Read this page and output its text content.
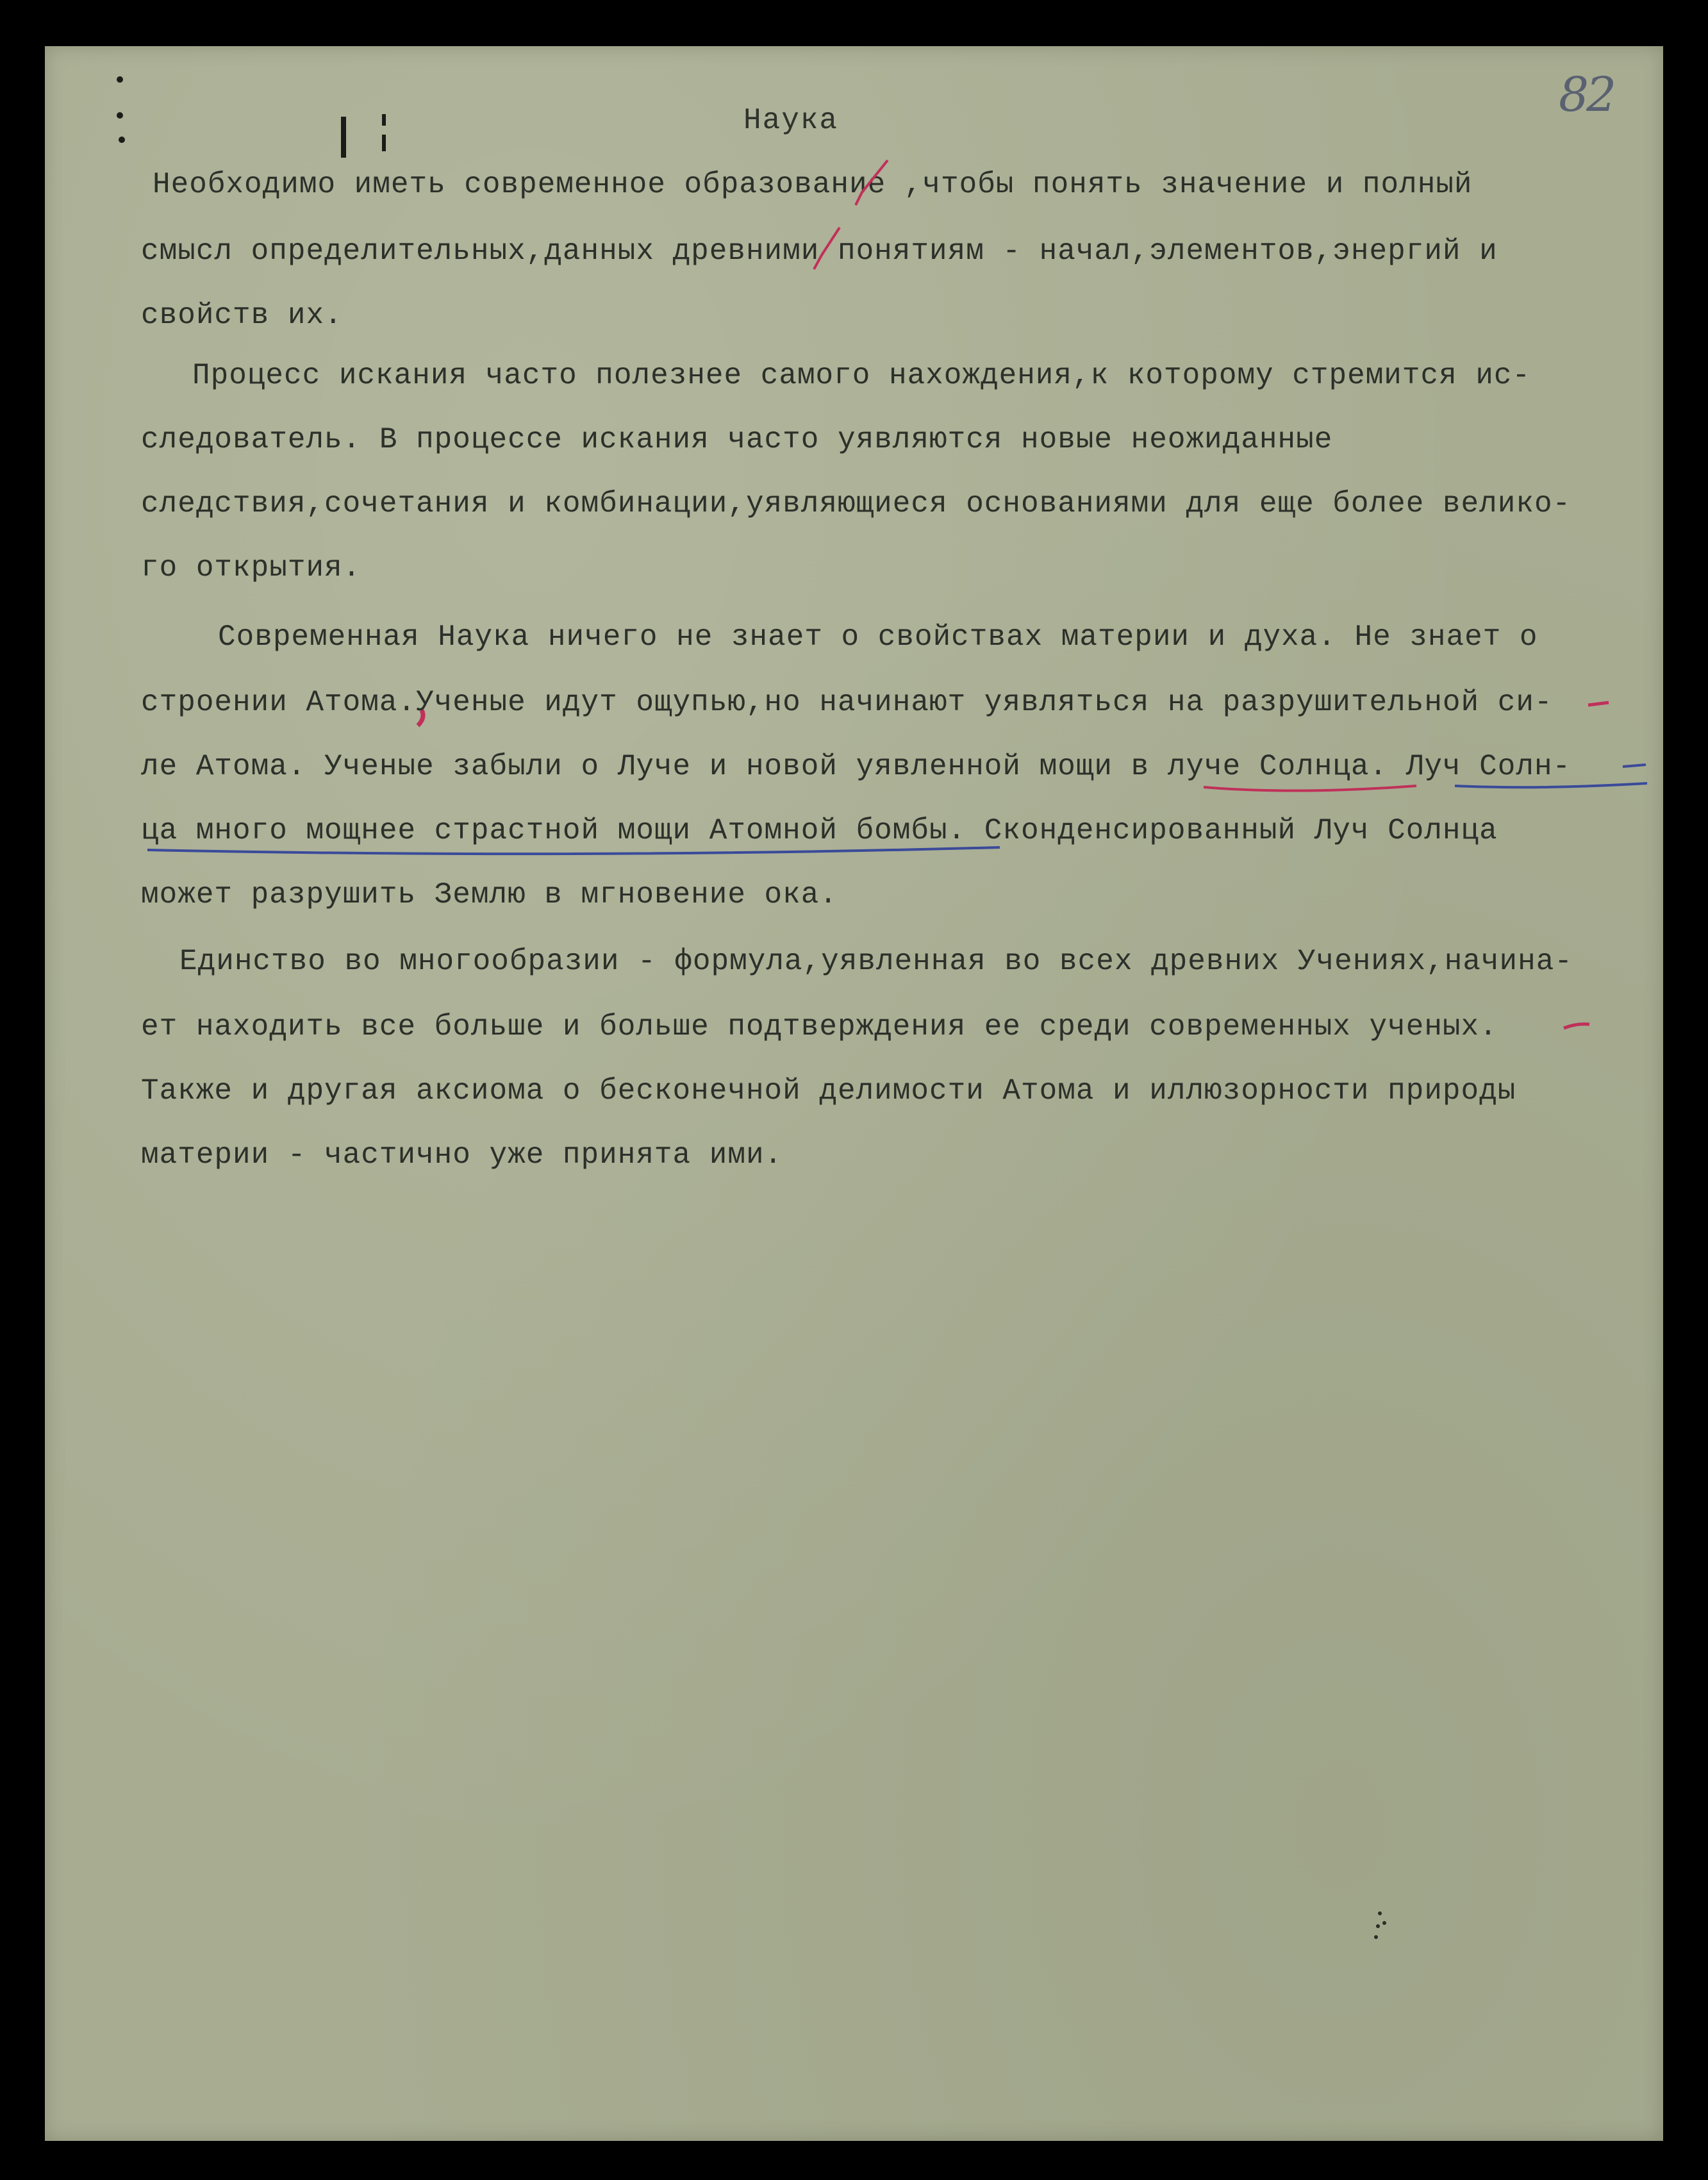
82
Наука
Необходимо иметь современное образование ,чтобы понять значение и полный
смысл определительных,данных древними понятиям - начал,элементов,энергий и
свойств их.
Процесс искания часто полезнее самого нахождения,к которому стремится ис-
следователь. В процессе искания часто уявляются новые неожиданные
следствия,сочетания и комбинации,уявляющиеся основаниями для еще более велико-
го открытия.
Современная Наука ничего не знает о свойствах материи и духа. Не знает о
строении Атома.Ученые идут ощупью,но начинают уявляться на разрушительной си-
ле Атома. Ученые забыли о Луче и новой уявленной мощи в луче Солнца. Луч Солн-
ца много мощнее страстной мощи Атомной бомбы. Сконденсированный Луч Солнца
может разрушить Землю в мгновение ока.
Единство во многообразии - формула,уявленная во всех древних Учениях,начина-
ет находить все больше и больше подтверждения ее среди современных ученых.
Также и другая аксиома о бесконечной делимости Атома и иллюзорности природы
материи - частично уже принята ими.
